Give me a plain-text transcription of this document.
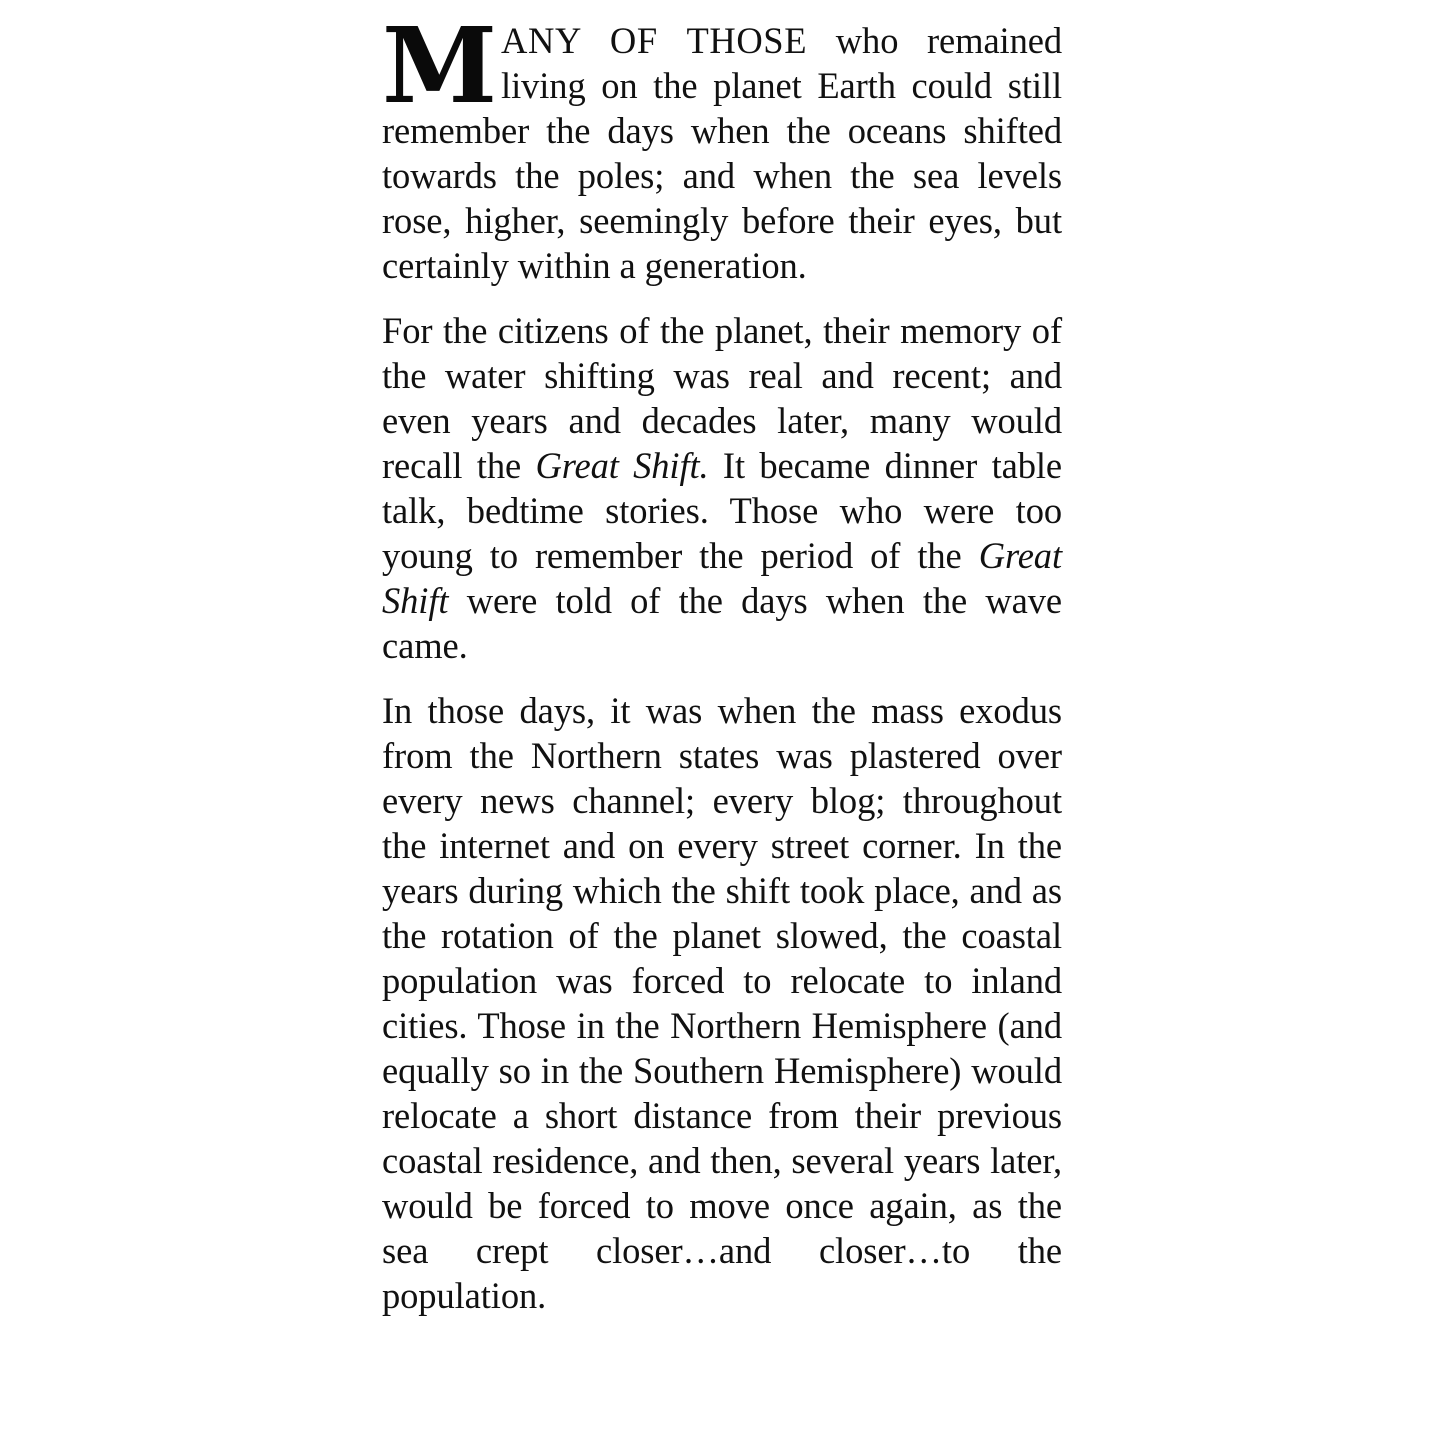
MANY OF THOSE who remained living on the planet Earth could still remember the days when the oceans shifted towards the poles; and when the sea levels rose, higher, seemingly before their eyes, but certainly within a generation.

For the citizens of the planet, their memory of the water shifting was real and recent; and even years and decades later, many would recall the Great Shift. It became dinner table talk, bedtime stories. Those who were too young to remember the period of the Great Shift were told of the days when the wave came.

In those days, it was when the mass exodus from the Northern states was plastered over every news channel; every blog; throughout the internet and on every street corner. In the years during which the shift took place, and as the rotation of the planet slowed, the coastal population was forced to relocate to inland cities. Those in the Northern Hemisphere (and equally so in the Southern Hemisphere) would relocate a short distance from their previous coastal residence, and then, several years later, would be forced to move once again, as the sea crept closer…and closer…to the population.
